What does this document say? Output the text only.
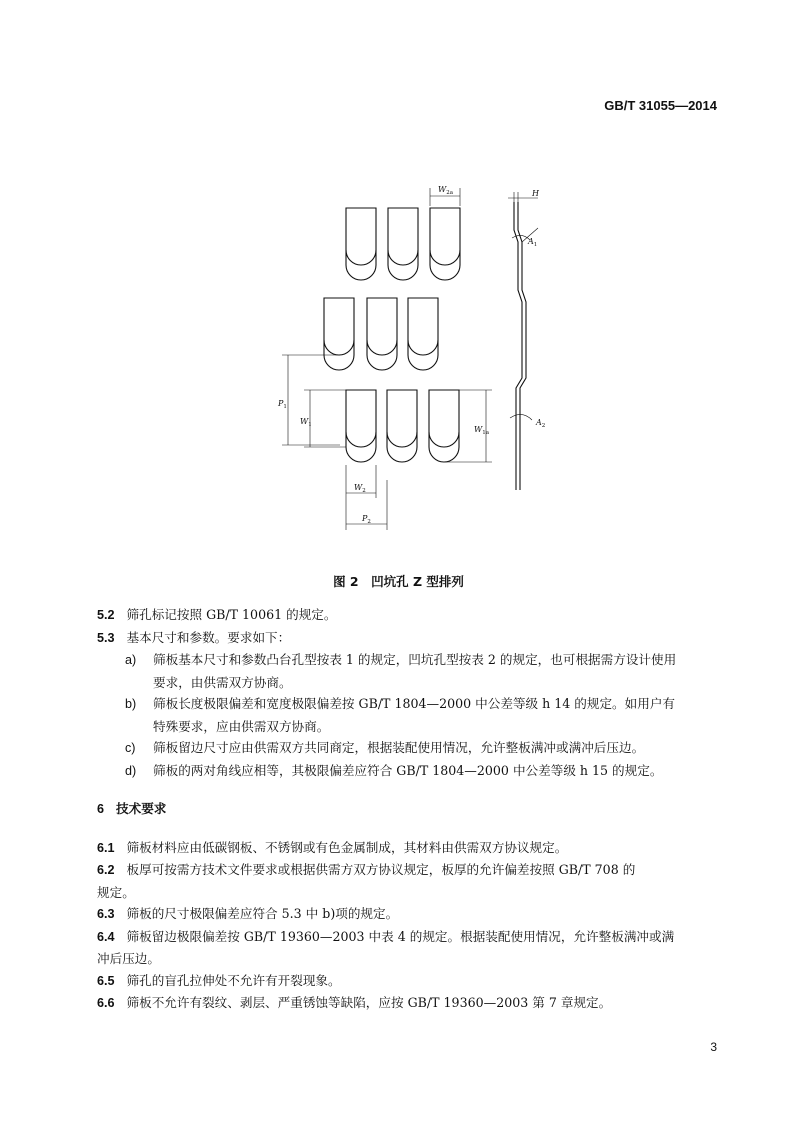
GB/T 31055—2014
$W_{2a}$	H
$A_1$
$A_2$
$P_1$
$W_1$	$W_{1a}$
$W_2$
$P_2$
图 2　凹坑孔 Z 型排列
5.2 筛孔标记按照 GB/T 10061 的规定。
5.3 基本尺寸和参数。要求如下：
a) 筛板基本尺寸和参数凸台孔型按表 1 的规定，凹坑孔型按表 2 的规定，也可根据需方设计使用
要求，由供需双方协商。
b) 筛板长度极限偏差和宽度极限偏差按 GB/T 1804—2000 中公差等级 h 14 的规定。如用户有
特殊要求，应由供需双方协商。
c) 筛板留边尺寸应由供需双方共同商定，根据装配使用情况，允许整板满冲或满冲后压边。
d) 筛板的两对角线应相等，其极限偏差应符合 GB/T 1804—2000 中公差等级 h 15 的规定。
6 技术要求
6.1 筛板材料应由低碳钢板、不锈钢或有色金属制成，其材料由供需双方协议规定。
6.2 板厚可按需方技术文件要求或根据供需方双方协议规定，板厚的允许偏差按照 GB/T 708 的
规定。
6.3 筛板的尺寸极限偏差应符合 5.3 中 b)项的规定。
6.4 筛板留边极限偏差按 GB/T 19360—2003 中表 4 的规定。根据装配使用情况，允许整板满冲或满
冲后压边。
6.5 筛孔的盲孔拉伸处不允许有开裂现象。
6.6 筛板不允许有裂纹、剥层、严重锈蚀等缺陷，应按 GB/T 19360—2003 第 7 章规定。
3
